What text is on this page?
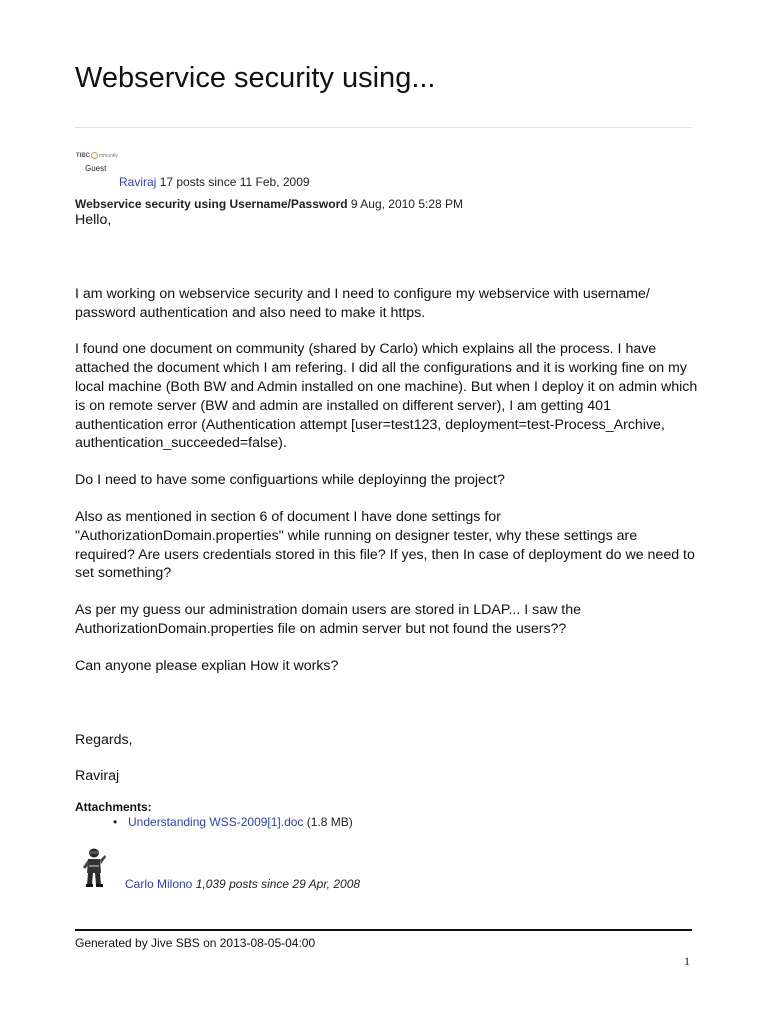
Webservice security using...
TIBC mmunity
Guest
Raviraj 17 posts since 11 Feb, 2009
Webservice security using Username/Password 9 Aug, 2010 5:28 PM

Hello,

I am working on webservice security and I need to configure my webservice with username/ password authentication and also need to make it https.

I found one document on community (shared by Carlo) which explains all the process. I have attached the document which I am refering. I did all the configurations and it is working fine on my local machine (Both BW and Admin installed on one machine). But when I deploy it on admin which is on remote server (BW and admin are installed on different server), I am getting 401 authentication error (Authentication attempt [user=test123, deployment=test-Process_Archive, authentication_succeeded=false).

Do I need to have some configuartions while deployinng the project?

Also as mentioned in section 6 of document I have done settings for "AuthorizationDomain.properties" while running on designer tester, why these settings are required? Are users credentials stored in this file? If yes, then In case of deployment do we need to set something?

As per my guess our administration domain users are stored in LDAP... I saw the AuthorizationDomain.properties file on admin server but not found the users??

Can anyone please explian How it works?

Regards,

Raviraj

Attachments:
• Understanding WSS-2009[1].doc (1.8 MB)
Carlo Milono 1,039 posts since 29 Apr, 2008
Generated by Jive SBS on 2013-08-05-04:00
1
